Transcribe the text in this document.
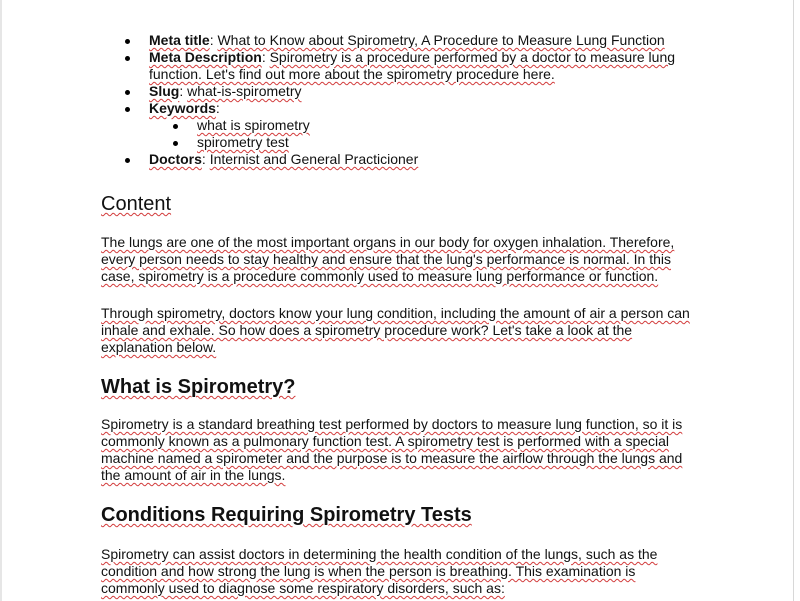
Meta title: What to Know about Spirometry, A Procedure to Measure Lung Function
Meta Description: Spirometry is a procedure performed by a doctor to measure lung function. Let's find out more about the spirometry procedure here.
Slug: what-is-spirometry
Keywords:
what is spirometry
spirometry test
Doctors: Internist and General Practicioner
Content

The lungs are one of the most important organs in our body for oxygen inhalation. Therefore, every person needs to stay healthy and ensure that the lung's performance is normal. In this case, spirometry is a procedure commonly used to measure lung performance or function.

Through spirometry, doctors know your lung condition, including the amount of air a person can inhale and exhale. So how does a spirometry procedure work? Let's take a look at the explanation below.

What is Spirometry?

Spirometry is a standard breathing test performed by doctors to measure lung function, so it is commonly known as a pulmonary function test. A spirometry test is performed with a special machine named a spirometer and the purpose is to measure the airflow through the lungs and the amount of air in the lungs.

Conditions Requiring Spirometry Tests

Spirometry can assist doctors in determining the health condition of the lungs, such as the condition and how strong the lung is when the person is breathing. This examination is commonly used to diagnose some respiratory disorders, such as:
